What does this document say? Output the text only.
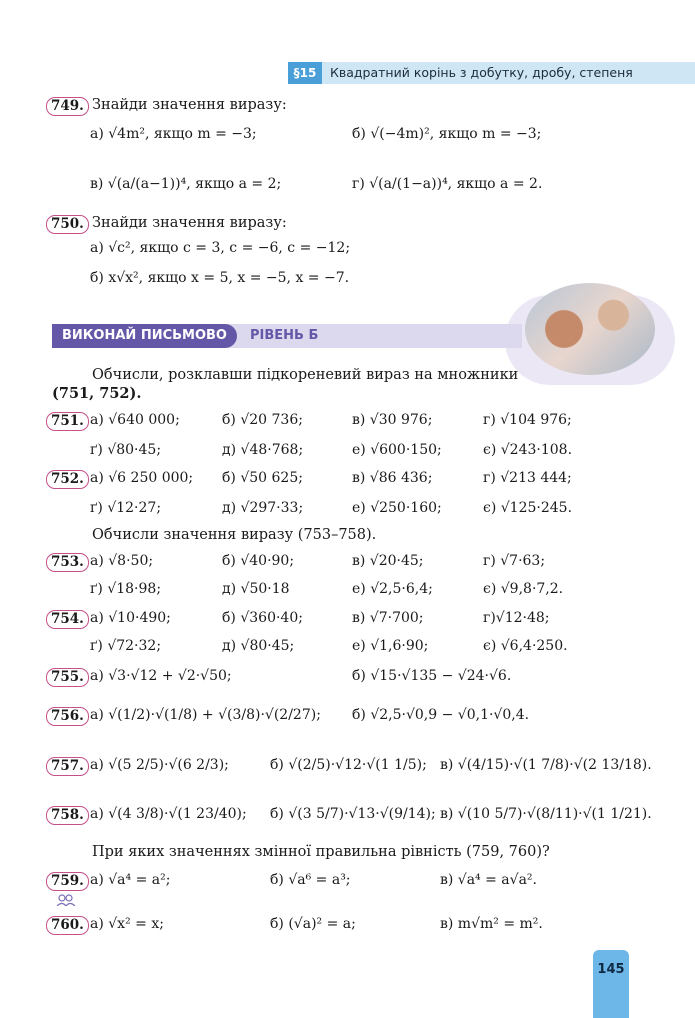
§15	Квадратний корінь з добутку, дробу, степеня
749. Знайди значення виразу:
а) √4m², якщо m = −3;	б) √(−4m)², якщо m = −3;
в) √(a/(a−1))⁴, якщо a = 2;	г) √(a/(1−a))⁴, якщо a = 2.
750. Знайди значення виразу:
а) √c², якщо c = 3, c = −6, c = −12;
б) x√x², якщо x = 5, x = −5, x = −7.
ВИКОНАЙ ПИСЬМОВО	РІВЕНЬ Б
Обчисли, розклавши підкореневий вираз на множники
(751, 752).
751. а) √640 000;	б) √20 736;	в) √30 976;	г) √104 976;
ґ) √80·45;	д) √48·768;	е) √600·150;	є) √243·108.
752. а) √6 250 000; б) √50 625;	в) √86 436;	г) √213 444;
ґ) √12·27;	д) √297·33;	е) √250·160;	є) √125·245.
Обчисли значення виразу (753–758).
753. а) √8·50;	б) √40·90;	в) √20·45;	г) √7·63;
ґ) √18·98;	д) √50·18	е) √2,5·6,4;	є) √9,8·7,2.
754. а) √10·490;	б) √360·40;	в) √7·700;	г)√12·48;
ґ) √72·32;	д) √80·45;	е) √1,6·90;	є) √6,4·250.
755. а) √3·√12 + √2·√50;	б) √15·√135 − √24·√6.
756. а) √(1/2)·√(1/8) + √(3/8)·√(2/27); б) √2,5·√0,9 − √0,1·√0,4.
757. а) √(5 2/5)·√(6 2/3);	б) √(2/5)·√12·√(1 1/5); в) √(4/15)·√(1 7/8)·√(2 13/18).
758. а) √(4 3/8)·√(1 23/40); б) √(3 5/7)·√13·√(9/14); в) √(10 5/7)·√(8/11)·√(1 1/21).
При яких значеннях змінної правильна рівність (759, 760)?
759. а) √a⁴ = a²;	б) √a⁶ = a³;	в) √a⁴ = a√a².
760. а) √x² = x;	б) (√a)² = a;	в) m√m² = m².
145
